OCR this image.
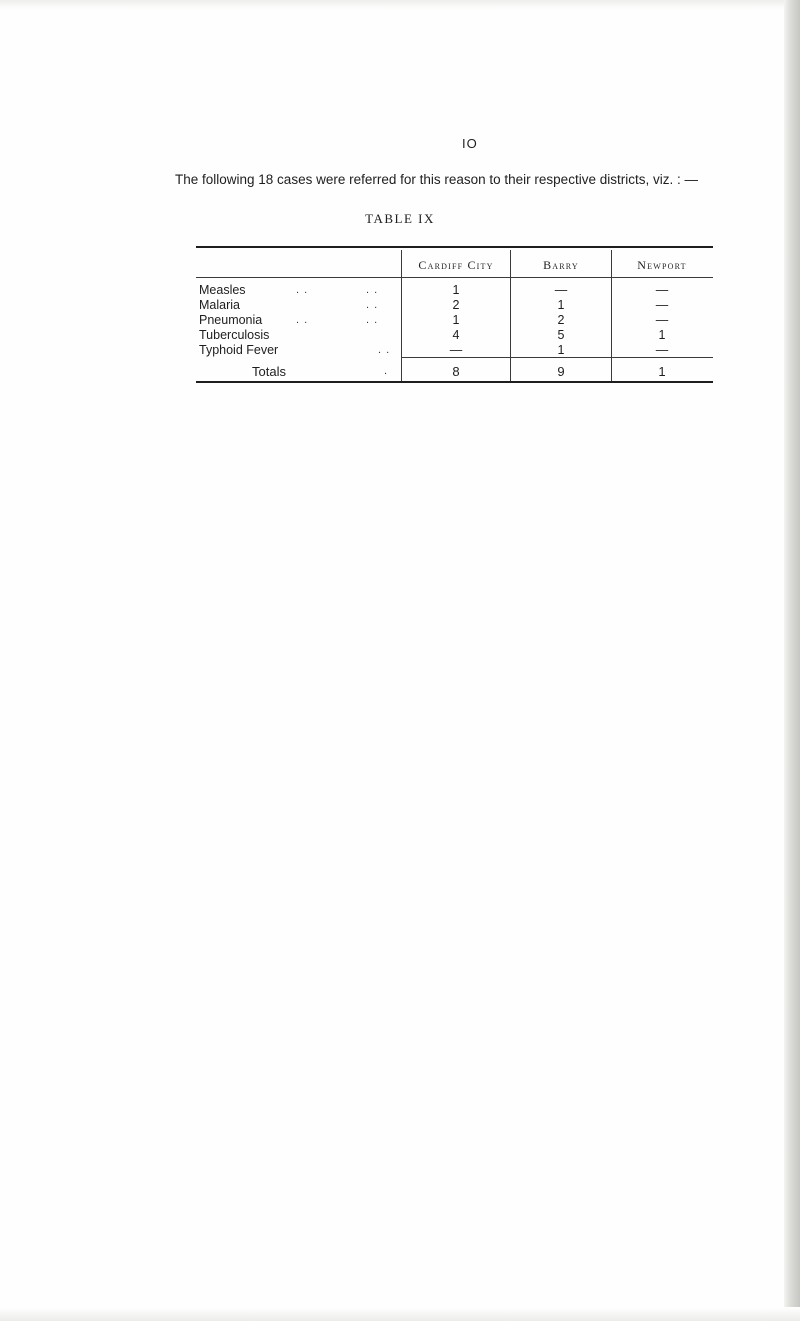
IO
The following 18 cases were referred for this reason to their respective districts, viz. : —
TABLE IX
Cardiff City	Barry	Newport
Measles	. .	. .	1	—	—
Malaria	. .	2	1	—
Pneumonia	. .	. .	1	2	—
Tuberculosis	4	5	1
Typhoid Fever	. .	—	1	—
Totals	.	8	9	1
